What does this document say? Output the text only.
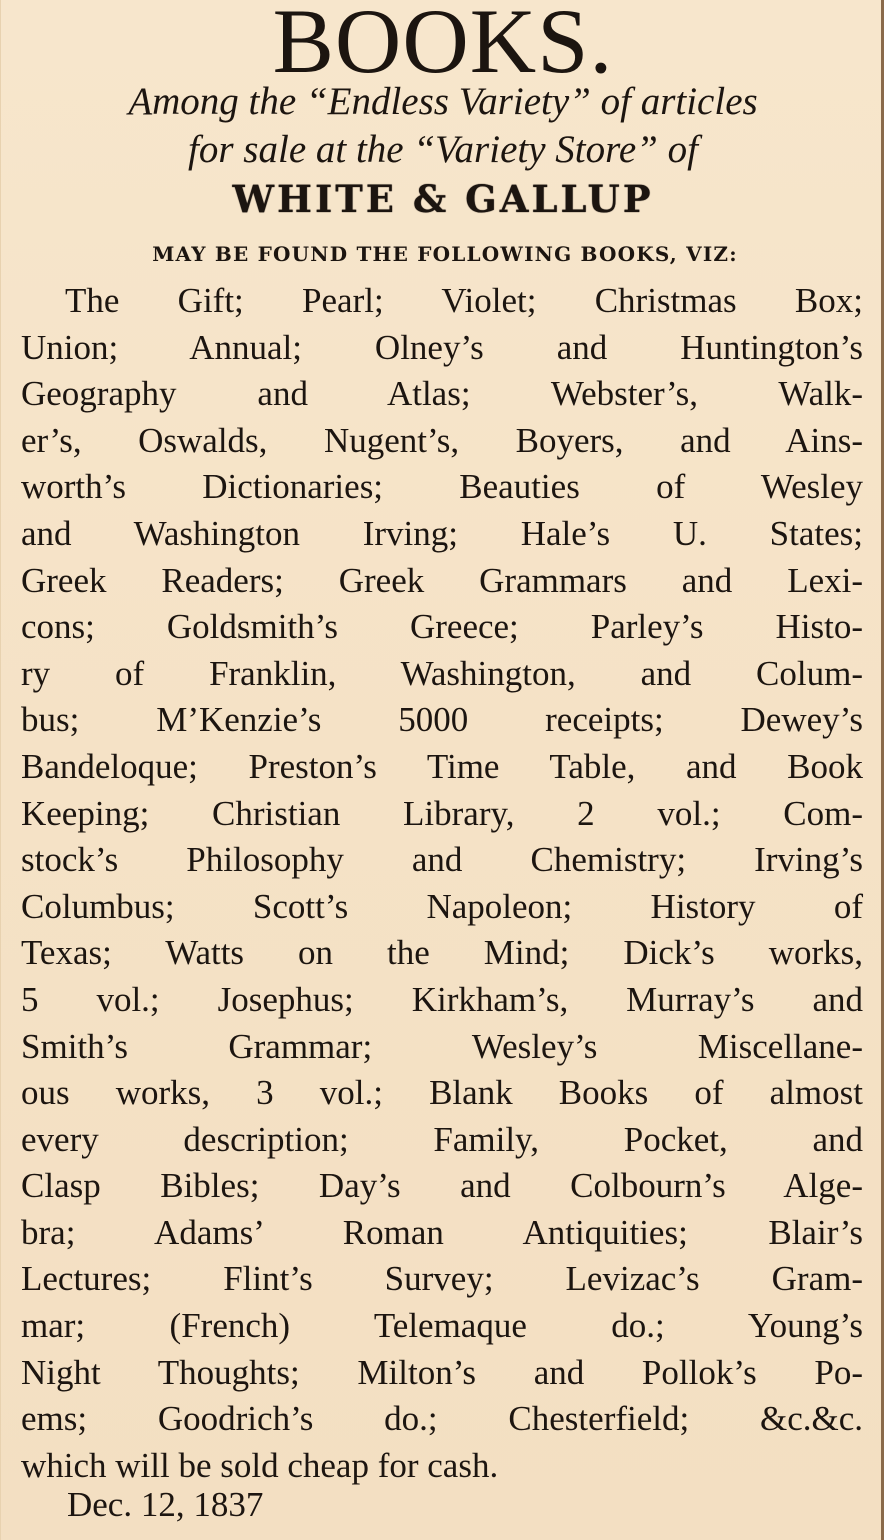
BOOKS.
Among the “Endless Variety” of articles
for sale at the “Variety Store” of
WHITE & GALLUP
MAY BE FOUND THE FOLLOWING BOOKS, VIZ:
The Gift; Pearl; Violet; Christmas Box;
Union; Annual; Olney’s and Huntington’s
Geography and Atlas; Webster’s, Walk-
er’s, Oswalds, Nugent’s, Boyers, and Ains-
worth’s Dictionaries; Beauties of Wesley
and Washington Irving; Hale’s U. States;
Greek Readers; Greek Grammars and Lexi-
cons; Goldsmith’s Greece; Parley’s Histo-
ry of Franklin, Washington, and Colum-
bus; M’Kenzie’s 5000 receipts; Dewey’s
Bandeloque; Preston’s Time Table, and Book
Keeping; Christian Library, 2 vol.; Com-
stock’s Philosophy and Chemistry; Irving’s
Columbus; Scott’s Napoleon; History of
Texas; Watts on the Mind; Dick’s works,
5 vol.; Josephus; Kirkham’s, Murray’s and
Smith’s Grammar; Wesley’s Miscellane-
ous works, 3 vol.; Blank Books of almost
every description; Family, Pocket, and
Clasp Bibles; Day’s and Colbourn’s Alge-
bra; Adams’ Roman Antiquities; Blair’s
Lectures; Flint’s Survey; Levizac’s Gram-
mar; (French) Telemaque do.; Young’s
Night Thoughts; Milton’s and Pollok’s Po-
ems; Goodrich’s do.; Chesterfield; &c.&c.
which will be sold cheap for cash.
Dec. 12, 1837
